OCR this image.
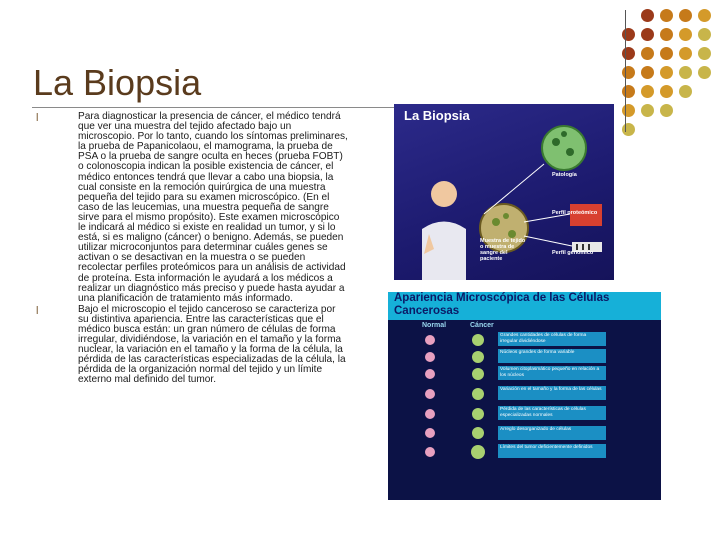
La Biopsia
l	Para diagnosticar la presencia de cáncer, el médico tendrá que ver una muestra del tejido afectado bajo un microscopio. Por lo tanto, cuando los síntomas preliminares, la prueba de Papanicolaou, el mamograma, la prueba de PSA o la prueba de sangre oculta en heces (prueba FOBT) o colonoscopia indican la posible existencia de cáncer, el médico entonces tendrá que llevar a cabo una biopsia, la cual consiste en la remoción quirúrgica de una muestra pequeña del tejido para su examen microscópico. (En el caso de las leucemias, una muestra pequeña de sangre sirve para el mismo propósito). Este examen microscópico le indicará al médico si existe en realidad un tumor, y si lo está, si es maligno (cáncer) o benigno. Además, se pueden utilizar microconjuntos para determinar cuáles genes se activan o se desactivan en la muestra o se pueden recolectar perfiles proteómicos para un análisis de actividad de proteína. Esta información le ayudará a los médicos a realizar un diagnóstico más preciso y puede hasta ayudar a una planificación de tratamiento más informado.
l	Bajo el microscopio el tejido canceroso se caracteriza por su distintiva apariencia. Entre las características que el médico busca están: un gran número de células de forma irregular, dividiéndose, la variación en el tamaño y la forma nuclear, la variación en el tamaño y la forma de la célula, la pérdida de las características especializadas de la célula, la pérdida de la organización normal del tejido y un límite externo mal definido del tumor.
La Biopsia
Patología
Perfil proteómico
Perfil genómico
Muestra de tejido o muestra de sangre del paciente
Apariencia Microscópica de las Células Cancerosas
Normal	Cáncer
Grandes cantidades de células de forma irregular dividiéndose
Núcleos grandes de forma variable
Volumen citoplasmático pequeño en relación a los núcleos
Variación en el tamaño y la forma de las células
Pérdida de las características de células especializadas normales
Arreglo desorganizado de células
Límites del tumor deficientemente definidos
